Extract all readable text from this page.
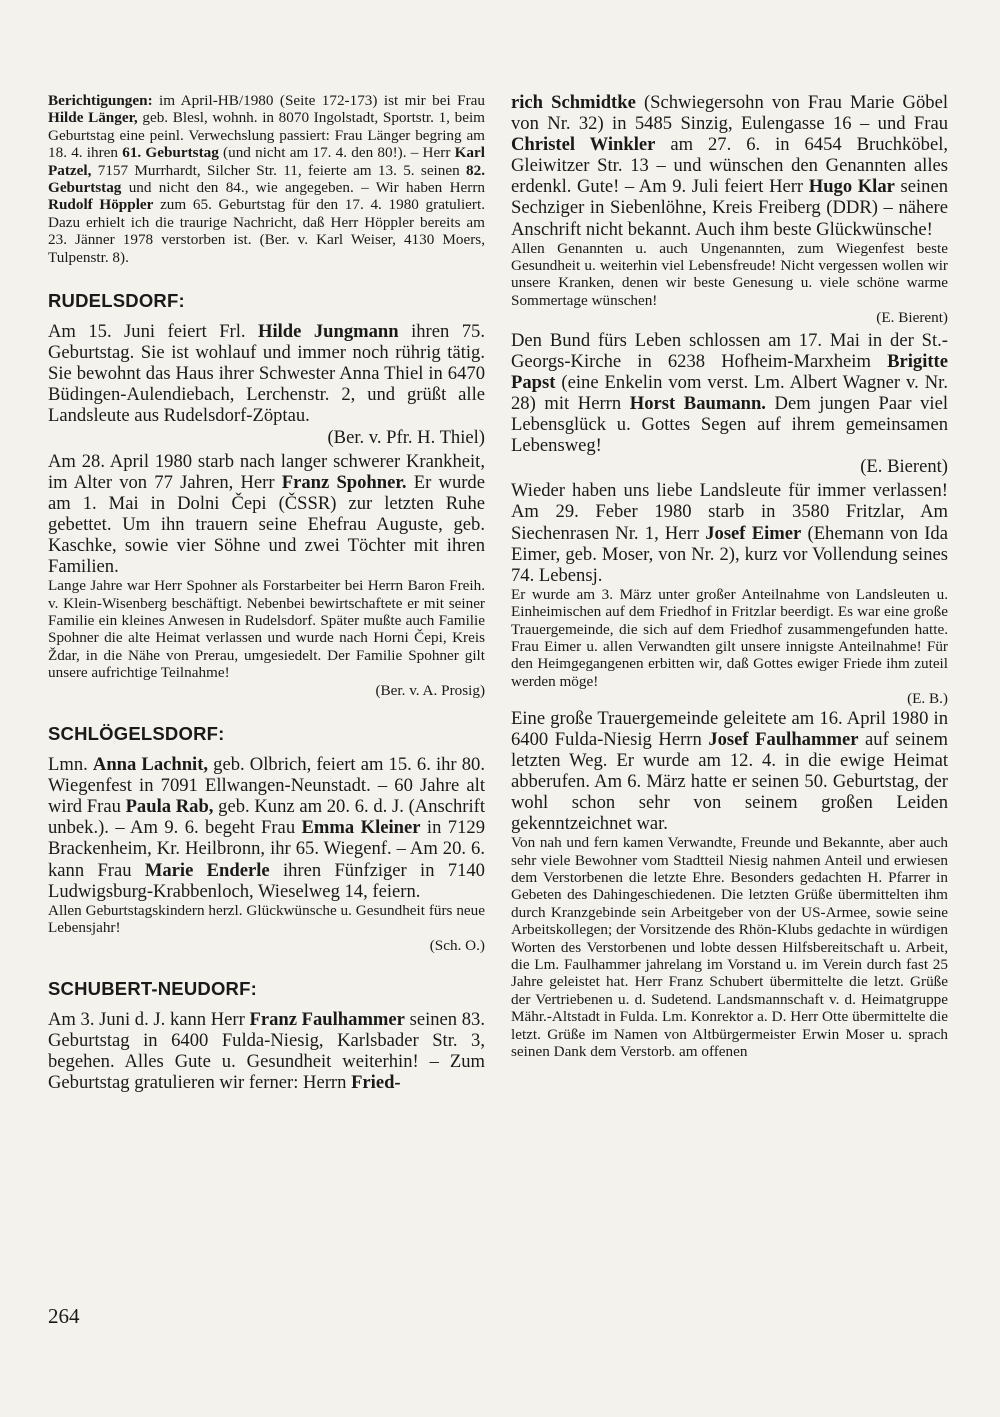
Berichtigungen: im April-HB/1980 (Seite 172-173) ist mir bei Frau Hilde Länger, geb. Blesl, wohnh. in 8070 Ingolstadt, Sportstr. 1, beim Geburtstag eine peinl. Verwechslung passiert: Frau Länger begring am 18. 4. ihren 61. Geburtstag (und nicht am 17. 4. den 80!). – Herr Karl Patzel, 7157 Murrhardt, Silcher Str. 11, feierte am 13. 5. seinen 82. Geburtstag und nicht den 84., wie angegeben. – Wir haben Herrn Rudolf Höppler zum 65. Geburtstag für den 17. 4. 1980 gratuliert. Dazu erhielt ich die traurige Nachricht, daß Herr Höppler bereits am 23. Jänner 1978 verstorben ist. (Ber. v. Karl Weiser, 4130 Moers, Tulpenstr. 8).

RUDELSDORF:

Am 15. Juni feiert Frl. Hilde Jungmann ihren 75. Geburtstag. Sie ist wohlauf und immer noch rührig tätig. Sie bewohnt das Haus ihrer Schwester Anna Thiel in 6470 Büdingen-Aulendiebach, Lerchenstr. 2, und grüßt alle Landsleute aus Rudelsdorf-Zöptau.
(Ber. v. Pfr. H. Thiel)

Am 28. April 1980 starb nach langer schwerer Krankheit, im Alter von 77 Jahren, Herr Franz Spohner. Er wurde am 1. Mai in Dolni Čepi (ČSSR) zur letzten Ruhe gebettet. Um ihn trauern seine Ehefrau Auguste, geb. Kaschke, sowie vier Söhne und zwei Töchter mit ihren Familien.

Lange Jahre war Herr Spohner als Forstarbeiter bei Herrn Baron Freih. v. Klein-Wisenberg beschäftigt. Nebenbei bewirtschaftete er mit seiner Familie ein kleines Anwesen in Rudelsdorf. Später mußte auch Familie Spohner die alte Heimat verlassen und wurde nach Horni Čepi, Kreis Ždar, in die Nähe von Prerau, umgesiedelt. Der Familie Spohner gilt unsere aufrichtige Teilnahme!
(Ber. v. A. Prosig)

SCHLÖGELSDORF:

Lmn. Anna Lachnit, geb. Olbrich, feiert am 15. 6. ihr 80. Wiegenfest in 7091 Ellwangen-Neunstadt. – 60 Jahre alt wird Frau Paula Rab, geb. Kunz am 20. 6. d. J. (Anschrift unbek.). – Am 9. 6. begeht Frau Emma Kleiner in 7129 Brackenheim, Kr. Heilbronn, ihr 65. Wiegenf. – Am 20. 6. kann Frau Marie Enderle ihren Fünfziger in 7140 Ludwigsburg-Krabbenloch, Wieselweg 14, feiern.

Allen Geburtstagskindern herzl. Glückwünsche u. Gesundheit fürs neue Lebensjahr!
(Sch. O.)

SCHUBERT-NEUDORF:

Am 3. Juni d. J. kann Herr Franz Faulhammer seinen 83. Geburtstag in 6400 Fulda-Niesig, Karlsbader Str. 3, begehen. Alles Gute u. Gesundheit weiterhin! – Zum Geburtstag gratulieren wir ferner: Herrn Fried-

rich Schmidtke (Schwiegersohn von Frau Marie Göbel von Nr. 32) in 5485 Sinzig, Eulengasse 16 – und Frau Christel Winkler am 27. 6. in 6454 Bruchköbel, Gleiwitzer Str. 13 – und wünschen den Genannten alles erdenkl. Gute! – Am 9. Juli feiert Herr Hugo Klar seinen Sechziger in Siebenlöhne, Kreis Freiberg (DDR) – nähere Anschrift nicht bekannt. Auch ihm beste Glückwünsche!

Allen Genannten u. auch Ungenannten, zum Wiegenfest beste Gesundheit u. weiterhin viel Lebensfreude! Nicht vergessen wollen wir unsere Kranken, denen wir beste Genesung u. viele schöne warme Sommertage wünschen!
(E. Bierent)

Den Bund fürs Leben schlossen am 17. Mai in der St.-Georgs-Kirche in 6238 Hofheim-Marxheim Brigitte Papst (eine Enkelin vom verst. Lm. Albert Wagner v. Nr. 28) mit Herrn Horst Baumann. Dem jungen Paar viel Lebensglück u. Gottes Segen auf ihrem gemeinsamen Lebensweg!
(E. Bierent)

Wieder haben uns liebe Landsleute für immer verlassen! Am 29. Feber 1980 starb in 3580 Fritzlar, Am Siechenrasen Nr. 1, Herr Josef Eimer (Ehemann von Ida Eimer, geb. Moser, von Nr. 2), kurz vor Vollendung seines 74. Lebensj.

Er wurde am 3. März unter großer Anteilnahme von Landsleuten u. Einheimischen auf dem Friedhof in Fritzlar beerdigt. Es war eine große Trauergemeinde, die sich auf dem Friedhof zusammengefunden hatte. Frau Eimer u. allen Verwandten gilt unsere innigste Anteilnahme! Für den Heimgegangenen erbitten wir, daß Gottes ewiger Friede ihm zuteil werden möge!
(E. B.)

Eine große Trauergemeinde geleitete am 16. April 1980 in 6400 Fulda-Niesig Herrn Josef Faulhammer auf seinem letzten Weg. Er wurde am 12. 4. in die ewige Heimat abberufen. Am 6. März hatte er seinen 50. Geburtstag, der wohl schon sehr von seinem großen Leiden gekenntzeichnet war.

Von nah und fern kamen Verwandte, Freunde und Bekannte, aber auch sehr viele Bewohner vom Stadtteil Niesig nahmen Anteil und erwiesen dem Verstorbenen die letzte Ehre. Besonders gedachten H. Pfarrer in Gebeten des Dahingeschiedenen. Die letzten Grüße übermittelten ihm durch Kranzgebinde sein Arbeitgeber von der US-Armee, sowie seine Arbeitskollegen; der Vorsitzende des Rhön-Klubs gedachte in würdigen Worten des Verstorbenen und lobte dessen Hilfsbereitschaft u. Arbeit, die Lm. Faulhammer jahrelang im Vorstand u. im Verein durch fast 25 Jahre geleistet hat. Herr Franz Schubert übermittelte die letzt. Grüße der Vertriebenen u. d. Sudetend. Landsmannschaft v. d. Heimatgruppe Mähr.-Altstadt in Fulda. Lm. Konrektor a. D. Herr Otte übermittelte die letzt. Grüße im Namen von Altbürgermeister Erwin Moser u. sprach seinen Dank dem Verstorb. am offenen

264
